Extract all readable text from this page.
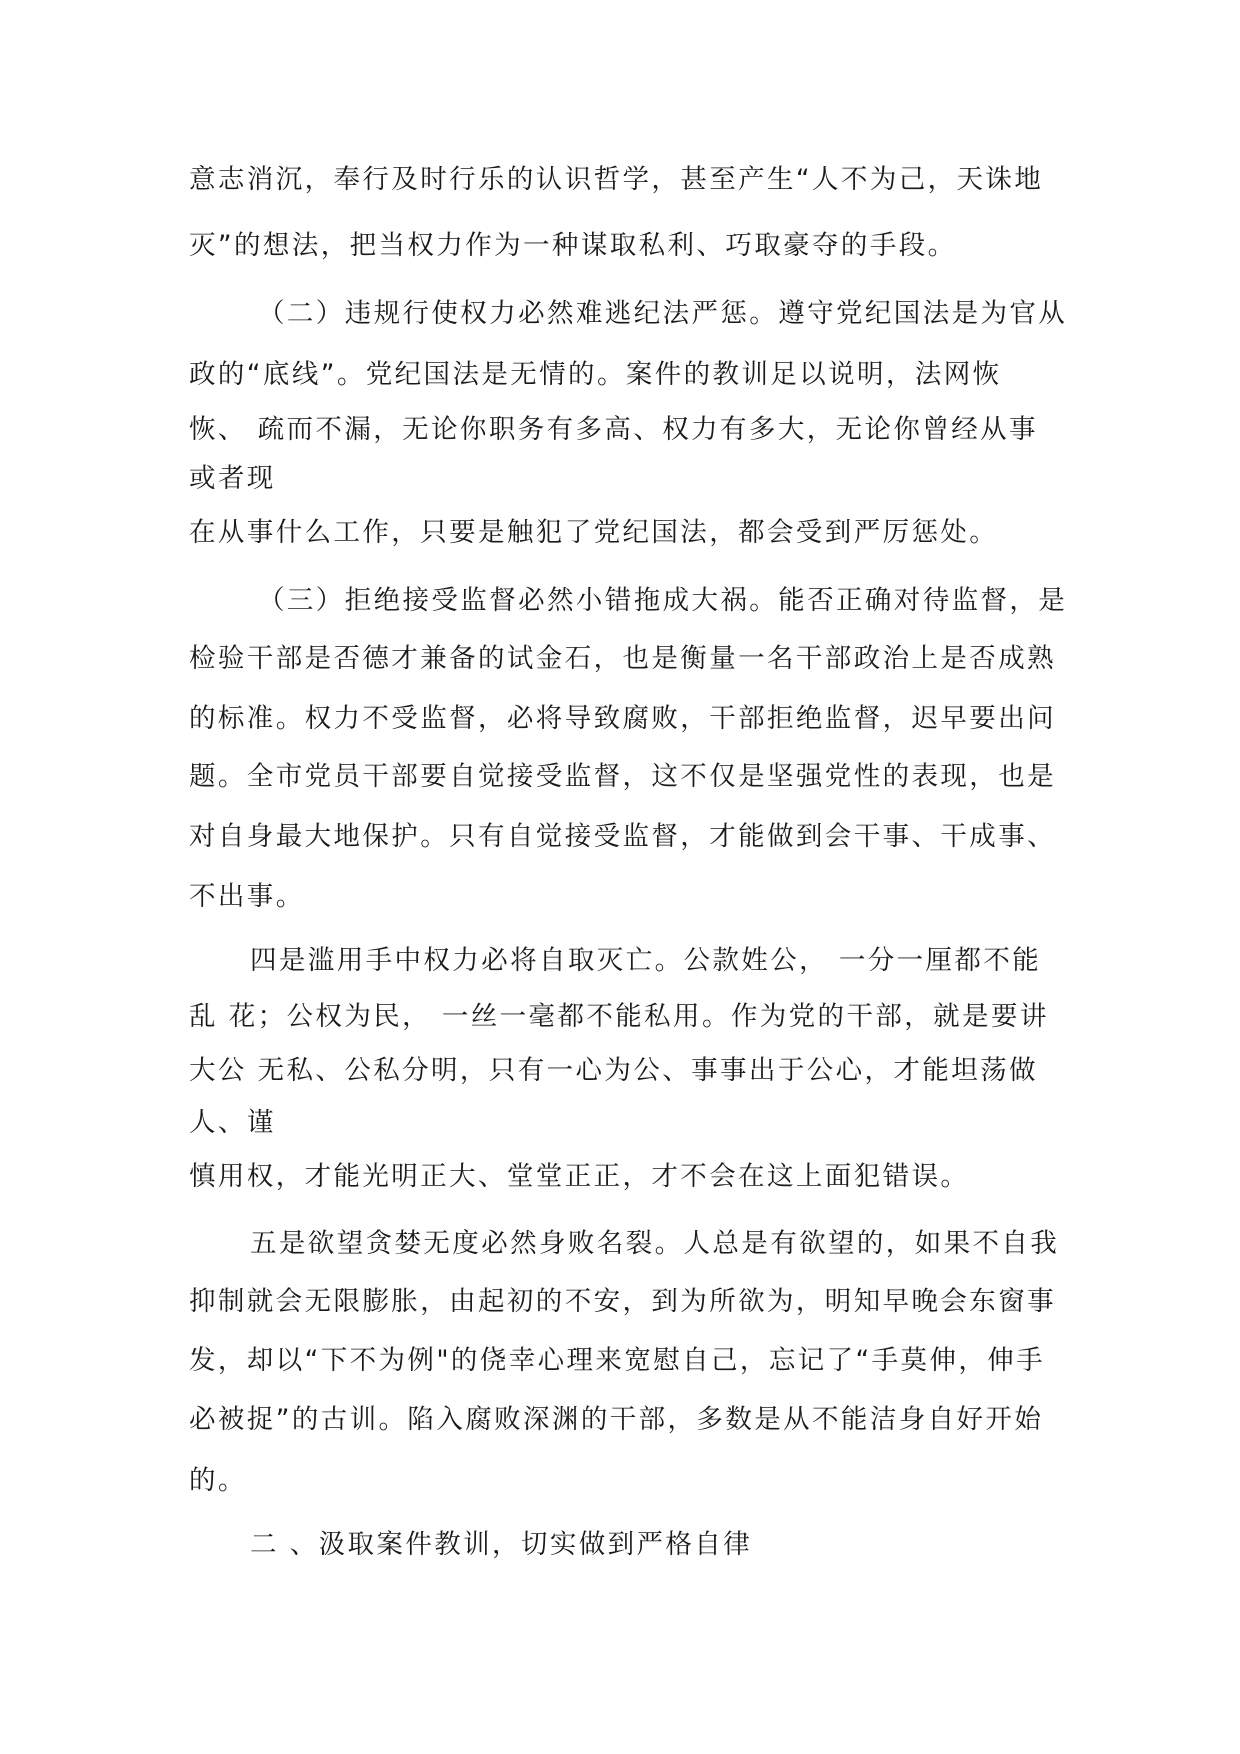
意志消沉，奉行及时行乐的认识哲学，甚至产生“人不为己，天诛地
灭”的想法，把当权力作为一种谋取私利、巧取豪夺的手段。
（二）违规行使权力必然难逃纪法严惩。遵守党纪国法是为官从
政的“底线”。党纪国法是无情的。案件的教训足以说明，法网恢
恢、 疏而不漏，无论你职务有多高、权力有多大，无论你曾经从事
或者现
在从事什么工作，只要是触犯了党纪国法，都会受到严厉惩处。
（三）拒绝接受监督必然小错拖成大祸。能否正确对待监督，是
检验干部是否德才兼备的试金石，也是衡量一名干部政治上是否成熟
的标准。权力不受监督，必将导致腐败，干部拒绝监督，迟早要出问
题。全市党员干部要自觉接受监督，这不仅是坚强党性的表现，也是
对自身最大地保护。只有自觉接受监督，才能做到会干事、干成事、
不出事。
四是滥用手中权力必将自取灭亡。公款姓公， 一分一厘都不能
乱 花；公权为民， 一丝一毫都不能私用。作为党的干部，就是要讲
大公 无私、公私分明，只有一心为公、事事出于公心，才能坦荡做
人、谨
慎用权，才能光明正大、堂堂正正，才不会在这上面犯错误。
五是欲望贪婪无度必然身败名裂。人总是有欲望的，如果不自我
抑制就会无限膨胀，由起初的不安，到为所欲为，明知早晚会东窗事
发，却以“下不为例"的侥幸心理来宽慰自己，忘记了“手莫伸，伸手
必被捉”的古训。陷入腐败深渊的干部，多数是从不能洁身自好开始
的。
二 、汲取案件教训，切实做到严格自律
